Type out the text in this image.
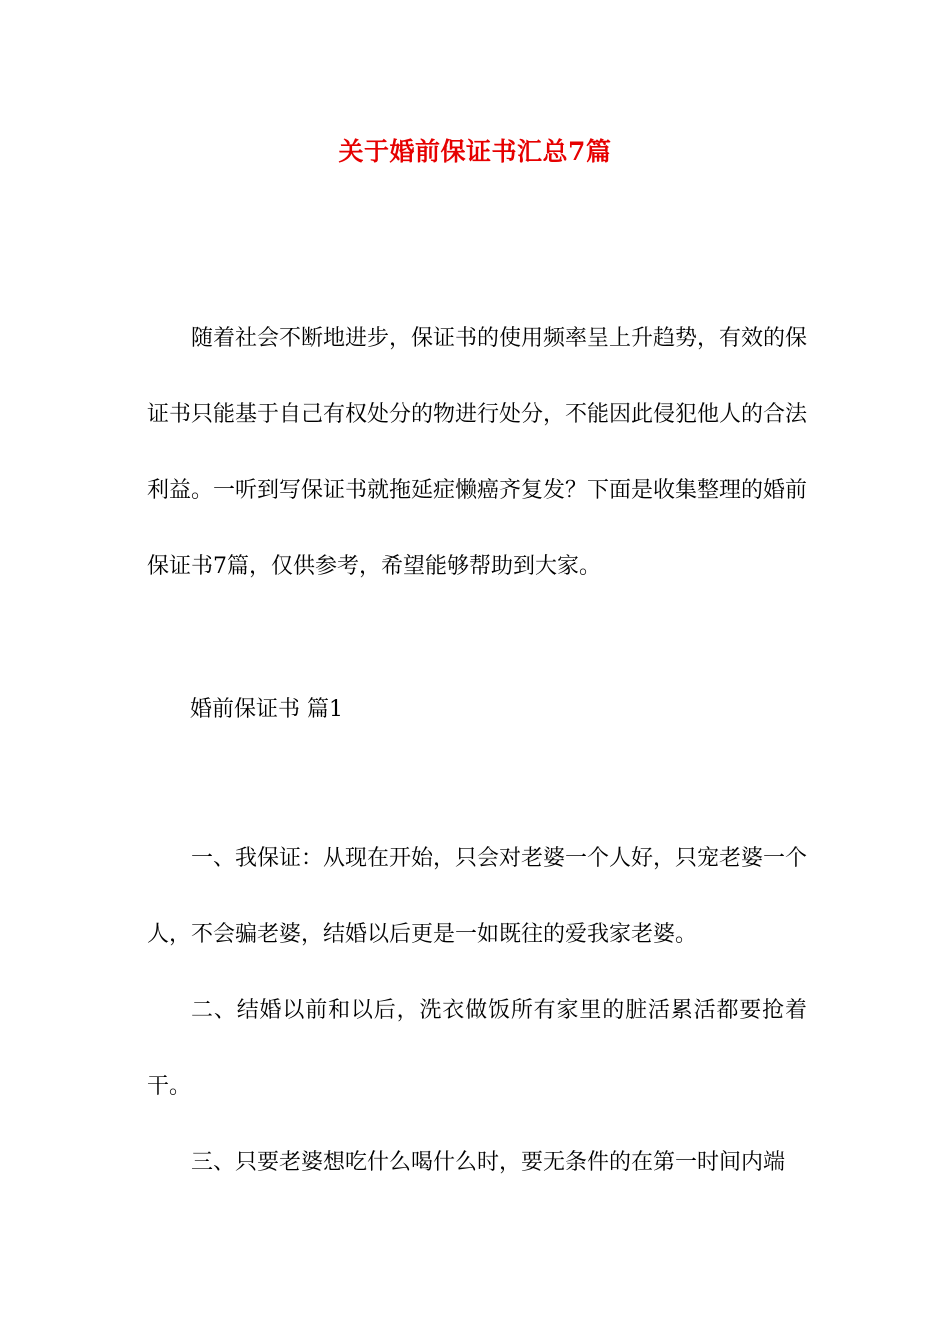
关于婚前保证书汇总7篇

随着社会不断地进步，保证书的使用频率呈上升趋势，有效的保证书只能基于自己有权处分的物进行处分，不能因此侵犯他人的合法利益。一听到写保证书就拖延症懒癌齐复发？下面是收集整理的婚前保证书7篇，仅供参考，希望能够帮助到大家。

婚前保证书 篇1

一、我保证：从现在开始，只会对老婆一个人好，只宠老婆一个人，不会骗老婆，结婚以后更是一如既往的爱我家老婆。

二、结婚以前和以后，洗衣做饭所有家里的脏活累活都要抢着干。

三、只要老婆想吃什么喝什么时，要无条件的在第一时间内端
